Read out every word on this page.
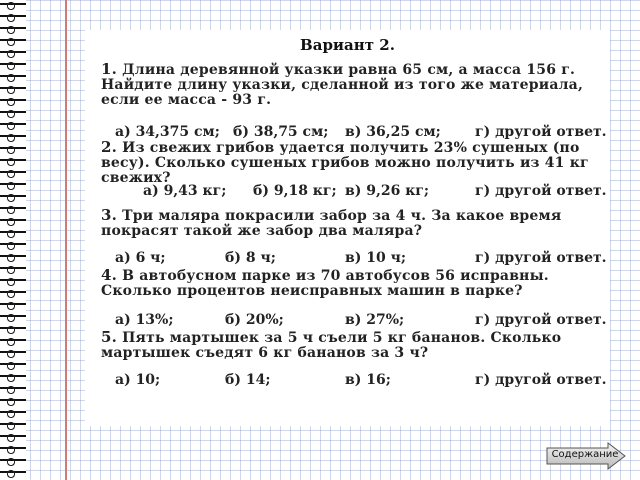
Вариант 2.
1. Длина деревянной указки равна 65 см, а масса 156 г. Найдите длину указки, сделанной из того же материала, если ее масса - 93 г.
а) 34,375 см; б) 38,75 см; в) 36,25 см; г) другой ответ.
2. Из свежих грибов удается получить 23% сушеных (по весу). Сколько сушеных грибов можно получить из 41 кг свежих?
а) 9,43 кг; б) 9,18 кг; в) 9,26 кг;	г) другой ответ.
3. Три маляра покрасили забор за 4 ч. За какое время покрасят такой же забор два маляра?
а) 6 ч;	б) 8 ч;	в) 10 ч;	г) другой ответ.
4. В автобусном парке из 70 автобусов 56 исправны. Сколько процентов неисправных машин в парке?
а) 13%;	б) 20%;	в) 27%;	г) другой ответ.
5. Пять мартышек за 5 ч съели 5 кг бананов. Сколько мартышек съедят 6 кг бананов за 3 ч?
а) 10;	б) 14;	в) 16;	г) другой ответ.
Содержание
